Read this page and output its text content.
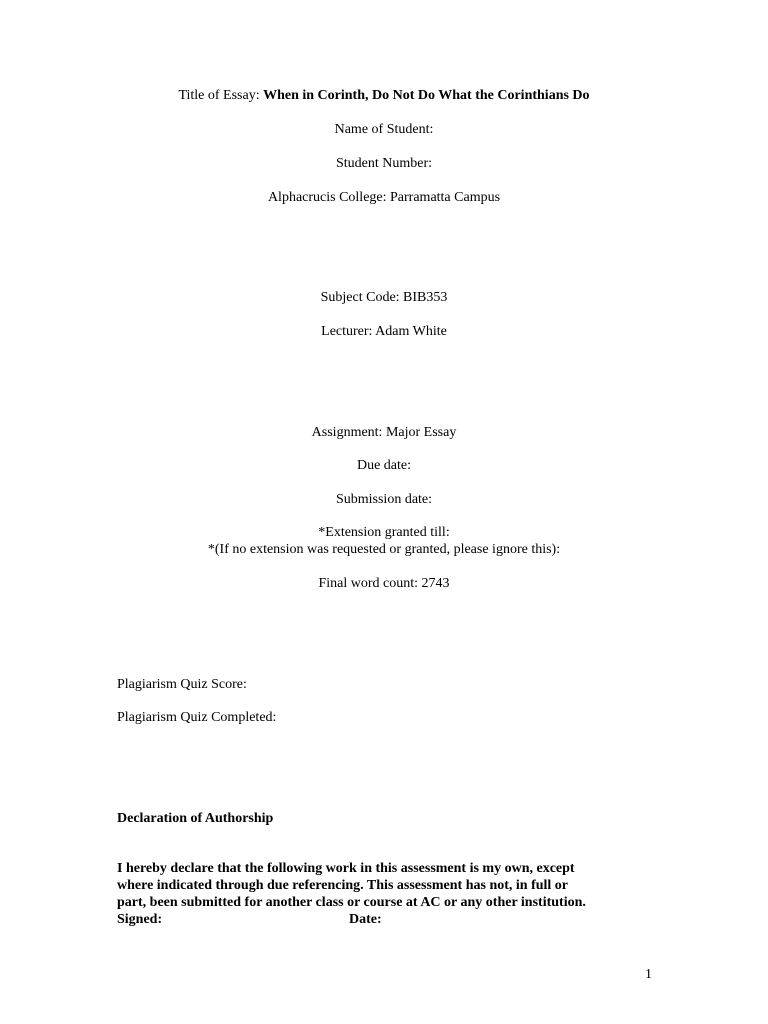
Title of Essay: When in Corinth, Do Not Do What the Corinthians Do
Name of Student:
Student Number:
Alphacrucis College: Parramatta Campus
Subject Code: BIB353
Lecturer: Adam White
Assignment: Major Essay
Due date:
Submission date:
*Extension granted till:
*(If no extension was requested or granted, please ignore this):
Final word count: 2743
Plagiarism Quiz Score:
Plagiarism Quiz Completed:
Declaration of Authorship
I hereby declare that the following work in this assessment is my own, except
where indicated through due referencing. This assessment has not, in full or
part, been submitted for another class or course at AC or any other institution.
Signed:	Date:
1
